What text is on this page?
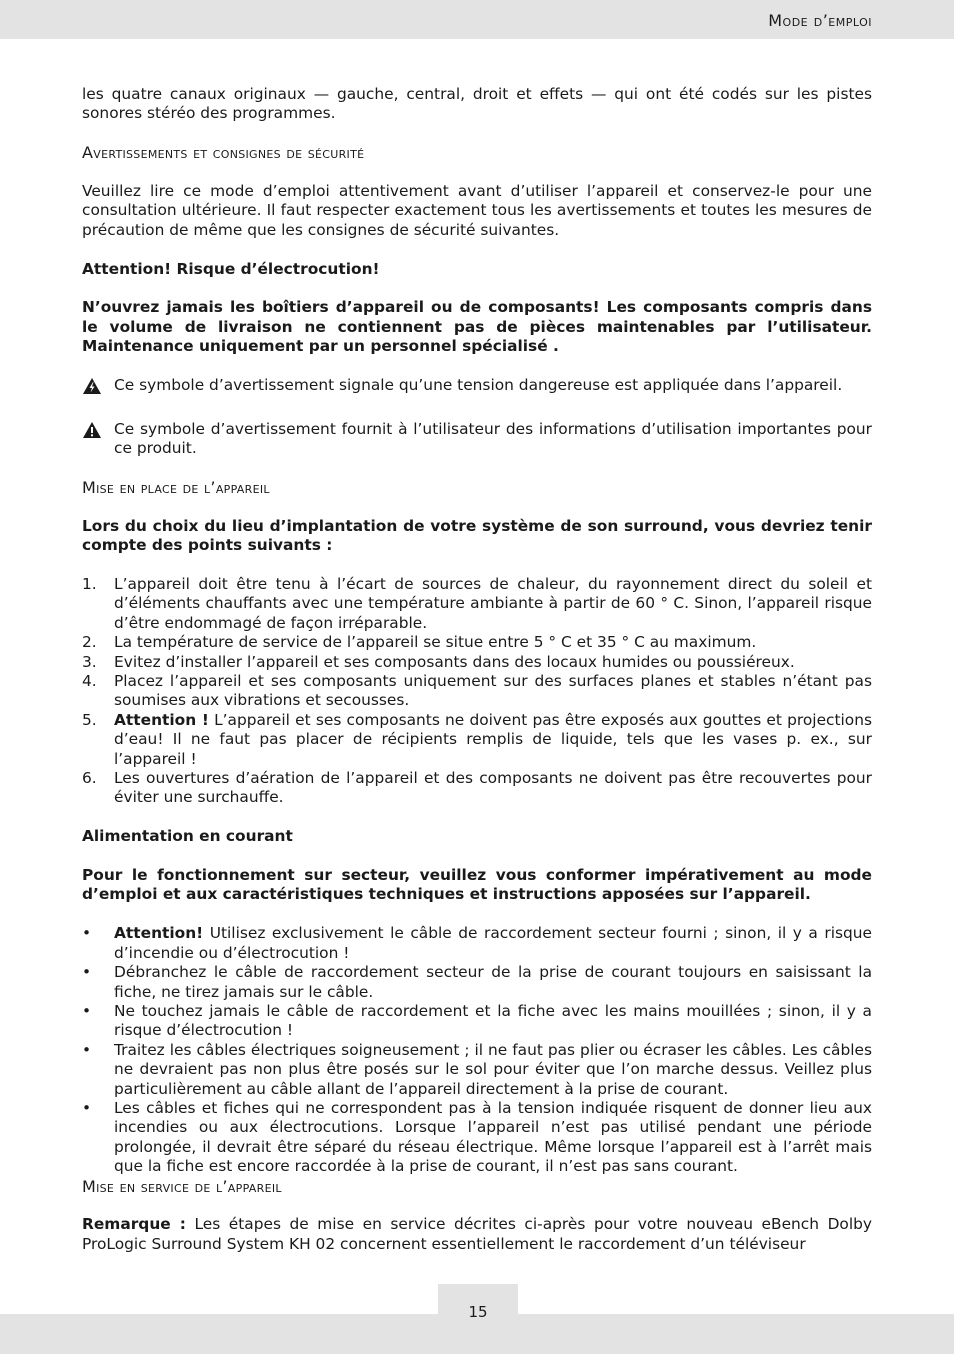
Mode d’emploi

les quatre canaux originaux — gauche, central, droit et effets — qui ont été codés sur les pistes sonores stéréo des programmes.

Avertissements et consignes de sécurité

Veuillez lire ce mode d’emploi attentivement avant d’utiliser l’appareil et conservez-le pour une consultation ultérieure. Il faut respecter exactement tous les avertissements et toutes les mesures de précaution de même que les consignes de sécurité suivantes.

Attention! Risque d’électrocution!

N’ouvrez jamais les boîtiers d’appareil ou de composants! Les composants compris dans le volume de livraison ne contiennent pas de pièces maintenables par l’utilisateur. Maintenance uniquement par un personnel spécialisé .

Ce symbole d’avertissement signale qu’une tension dangereuse est appliquée dans l’appareil.
Ce symbole d’avertissement fournit à l’utilisateur des informations d’utilisation importantes pour ce produit.

Mise en place de l’appareil

Lors du choix du lieu d’implantation de votre système de son surround, vous devriez tenir compte des points suivants :

1.	L’appareil doit être tenu à l’écart de sources de chaleur, du rayonnement direct du soleil et d’éléments chauffants avec une température ambiante à partir de 60 ° C. Sinon, l’appareil risque d’être endommagé de façon irréparable.
2.	La température de service de l’appareil se situe entre 5 ° C et 35 ° C au maximum.
3.	Evitez d’installer l’appareil et ses composants dans des locaux humides ou poussiéreux.
4.	Placez l’appareil et ses composants uniquement sur des surfaces planes et stables n’étant pas soumises aux vibrations et secousses.
5.	Attention ! L’appareil et ses composants ne doivent pas être exposés aux gouttes et projections d’eau! Il ne faut pas placer de récipients remplis de liquide, tels que les vases p. ex., sur l’appareil !
6.	Les ouvertures d’aération de l’appareil et des composants ne doivent pas être recouvertes pour éviter une surchauffe.

Alimentation en courant

Pour le fonctionnement sur secteur, veuillez vous conformer impérativement au mode d’emploi et aux caractéristiques techniques et instructions apposées sur l’appareil.

•	Attention! Utilisez exclusivement le câble de raccordement secteur fourni ; sinon, il y a risque d’incendie ou d’électrocution !
•	Débranchez le câble de raccordement secteur de la prise de courant toujours en saisissant la fiche, ne tirez jamais sur le câble.
•	Ne touchez jamais le câble de raccordement et la fiche avec les mains mouillées ; sinon, il y a risque d’électrocution !
•	Traitez les câbles électriques soigneusement ; il ne faut pas plier ou écraser les câbles. Les câbles ne devraient pas non plus être posés sur le sol pour éviter que l’on marche dessus. Veillez plus particulièrement au câble allant de l’appareil directement à la prise de courant.
•	Les câbles et fiches qui ne correspondent pas à la tension indiquée risquent de donner lieu aux incendies ou aux électrocutions. Lorsque l’appareil n’est pas utilisé pendant une période prolongée, il devrait être séparé du réseau électrique. Même lorsque l’appareil est à l’arrêt mais que la fiche est encore raccordée à la prise de courant, il n’est pas sans courant.

Mise en service de l’appareil

Remarque : Les étapes de mise en service décrites ci-après pour votre nouveau eBench Dolby ProLogic Surround System KH 02 concernent essentiellement le raccordement d’un téléviseur

15
